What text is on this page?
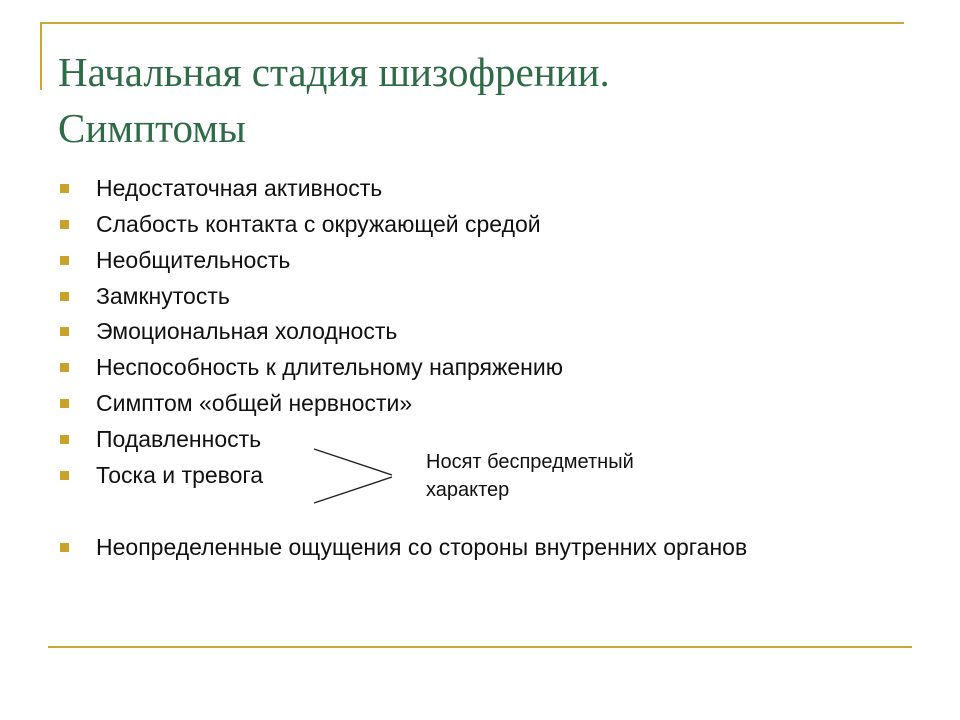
Начальная стадия шизофрении.
Симптомы
Недостаточная активность
Слабость контакта с окружающей средой
Необщительность
Замкнутость
Эмоциональная холодность
Неспособность к длительному напряжению
Симптом «общей нервности»
Подавленность
Тоска и тревога
Неопределенные ощущения со стороны внутренних органов

Носят беспредметный
характер
